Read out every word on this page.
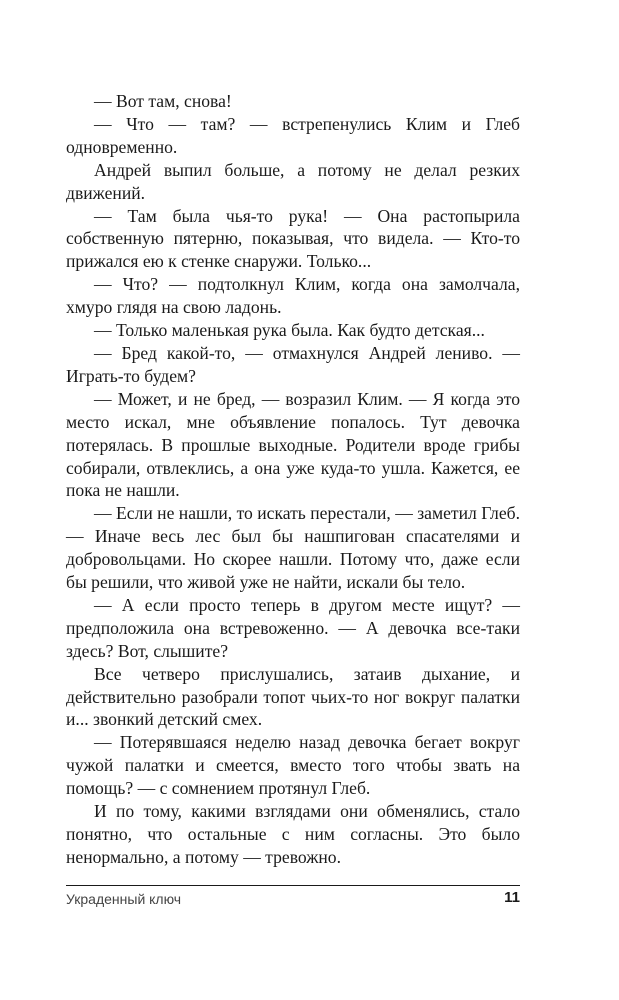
— Вот там, снова!

— Что — там? — встрепенулись Клим и Глеб одновременно.

Андрей выпил больше, а потому не делал резких движений.

— Там была чья-то рука! — Она растопырила собственную пятерню, показывая, что видела. — Кто-то прижался ею к стенке снаружи. Только...

— Что? — подтолкнул Клим, когда она замолчала, хмуро глядя на свою ладонь.

— Только маленькая рука была. Как будто детская...

— Бред какой-то, — отмахнулся Андрей лениво. — Играть-то будем?

— Может, и не бред, — возразил Клим. — Я когда это место искал, мне объявление попалось. Тут девочка потерялась. В прошлые выходные. Родители вроде грибы собирали, отвлеклись, а она уже куда-то ушла. Кажется, ее пока не нашли.

— Если не нашли, то искать перестали, — заметил Глеб. — Иначе весь лес был бы нашпигован спасателями и добровольцами. Но скорее нашли. Потому что, даже если бы решили, что живой уже не найти, искали бы тело.

— А если просто теперь в другом месте ищут? — предположила она встревоженно. — А девочка все-таки здесь? Вот, слышите?

Все четверо прислушались, затаив дыхание, и действительно разобрали топот чьих-то ног вокруг палатки и... звонкий детский смех.

— Потерявшаяся неделю назад девочка бегает вокруг чужой палатки и смеется, вместо того чтобы звать на помощь? — с сомнением протянул Глеб.

И по тому, какими взглядами они обменялись, стало понятно, что остальные с ним согласны. Это было ненормально, а потому — тревожно.

Украденный ключ	11
